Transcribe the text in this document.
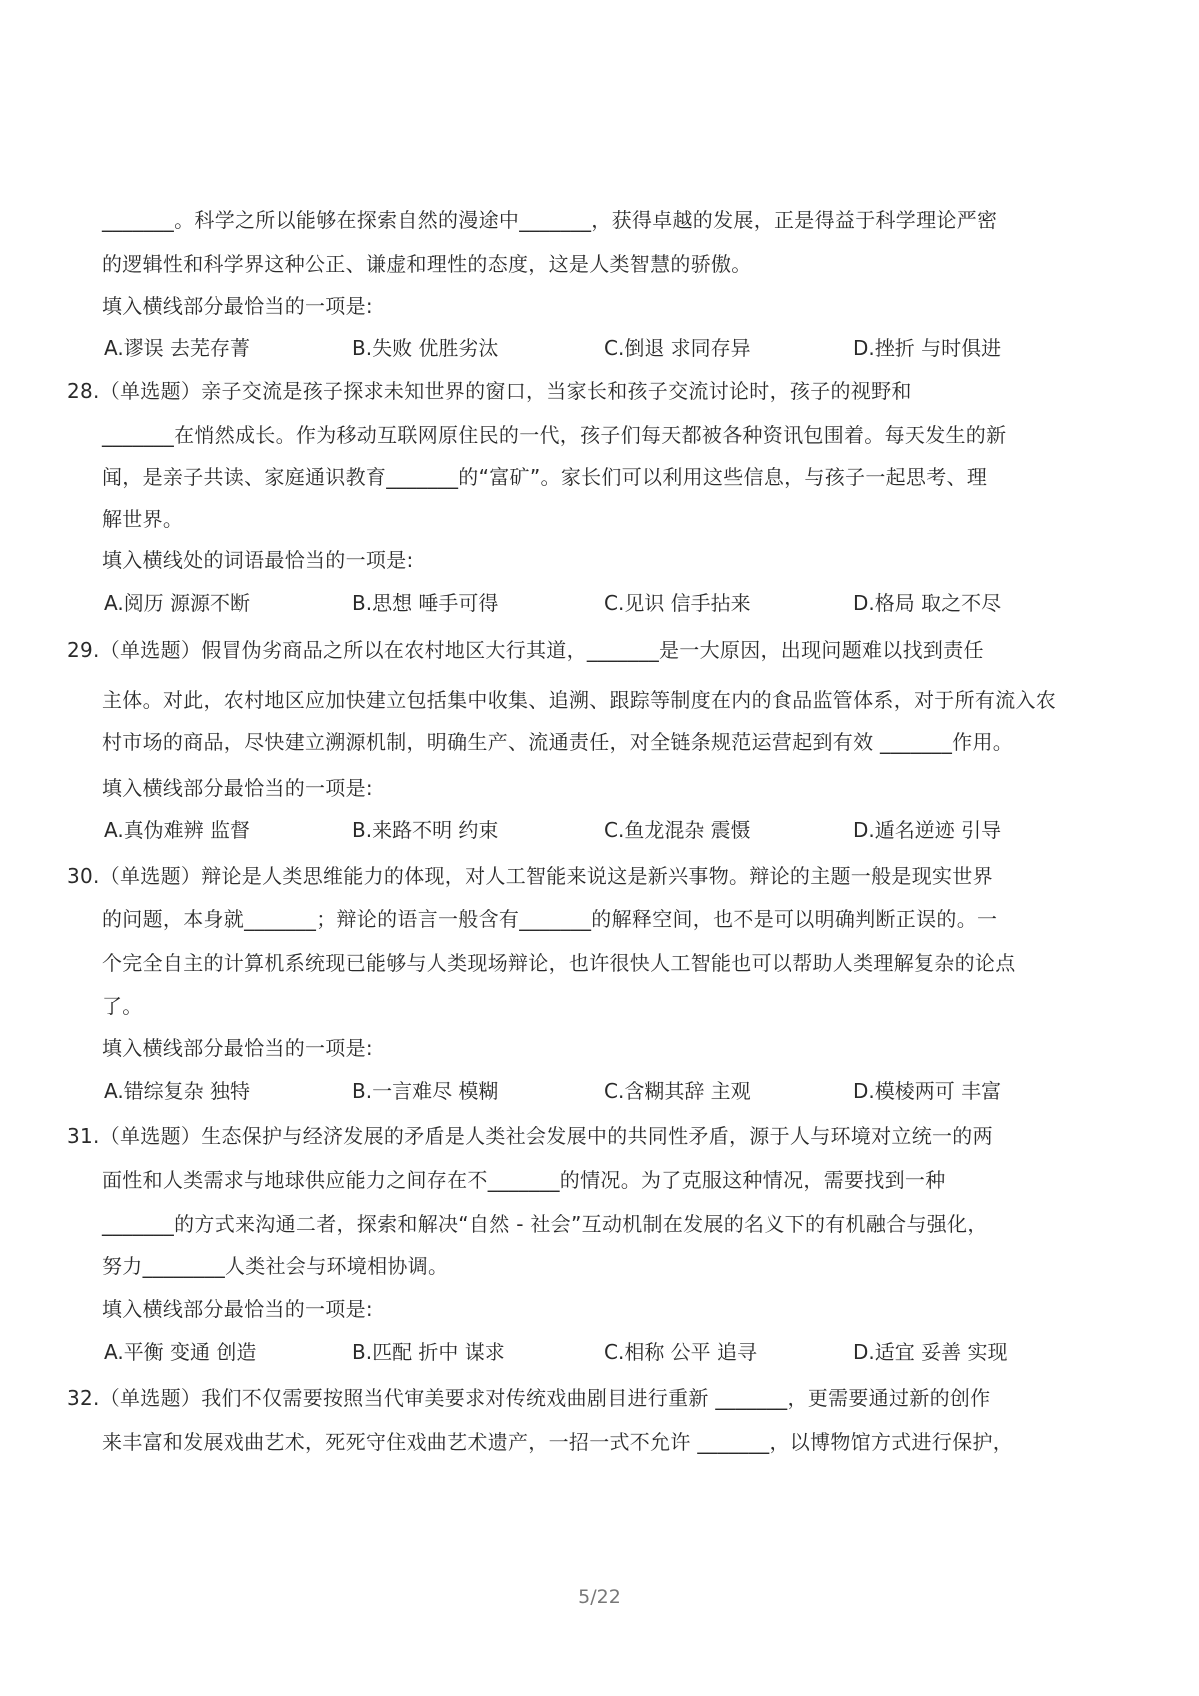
_______。科学之所以能够在探索自然的漫途中_______，获得卓越的发展，正是得益于科学理论严密
的逻辑性和科学界这种公正、谦虚和理性的态度，这是人类智慧的骄傲。
填入横线部分最恰当的一项是:
A.谬误 去芜存菁	B.失败 优胜劣汰	C.倒退 求同存异	D.挫折 与时俱进
28.（单选题）亲子交流是孩子探求未知世界的窗口，当家长和孩子交流讨论时，孩子的视野和
_______在悄然成长。作为移动互联网原住民的一代，孩子们每天都被各种资讯包围着。每天发生的新
闻，是亲子共读、家庭通识教育_______的“富矿”。家长们可以利用这些信息，与孩子一起思考、理
解世界。
填入横线处的词语最恰当的一项是:
A.阅历 源源不断	B.思想 唾手可得	C.见识 信手拈来	D.格局 取之不尽
29.（单选题）假冒伪劣商品之所以在农村地区大行其道，_______是一大原因，出现问题难以找到责任
主体。对此，农村地区应加快建立包括集中收集、追溯、跟踪等制度在内的食品监管体系，对于所有流入农
村市场的商品，尽快建立溯源机制，明确生产、流通责任，对全链条规范运营起到有效 _______作用。
填入横线部分最恰当的一项是:
A.真伪难辨 监督	B.来路不明 约束	C.鱼龙混杂 震慑	D.遁名逆迹 引导
30.（单选题）辩论是人类思维能力的体现，对人工智能来说这是新兴事物。辩论的主题一般是现实世界
的问题，本身就_______；辩论的语言一般含有_______的解释空间，也不是可以明确判断正误的。一
个完全自主的计算机系统现已能够与人类现场辩论，也许很快人工智能也可以帮助人类理解复杂的论点
了。
填入横线部分最恰当的一项是:
A.错综复杂 独特	B.一言难尽 模糊	C.含糊其辞 主观	D.模棱两可 丰富
31.（单选题）生态保护与经济发展的矛盾是人类社会发展中的共同性矛盾，源于人与环境对立统一的两
面性和人类需求与地球供应能力之间存在不_______的情况。为了克服这种情况，需要找到一种
_______的方式来沟通二者，探索和解决“自然 - 社会”互动机制在发展的名义下的有机融合与强化，
努力________人类社会与环境相协调。
填入横线部分最恰当的一项是:
A.平衡 变通 创造	B.匹配 折中 谋求	C.相称 公平 追寻	D.适宜 妥善 实现
32.（单选题）我们不仅需要按照当代审美要求对传统戏曲剧目进行重新 _______，更需要通过新的创作
来丰富和发展戏曲艺术，死死守住戏曲艺术遗产，一招一式不允许 _______，以博物馆方式进行保护，
5/22
